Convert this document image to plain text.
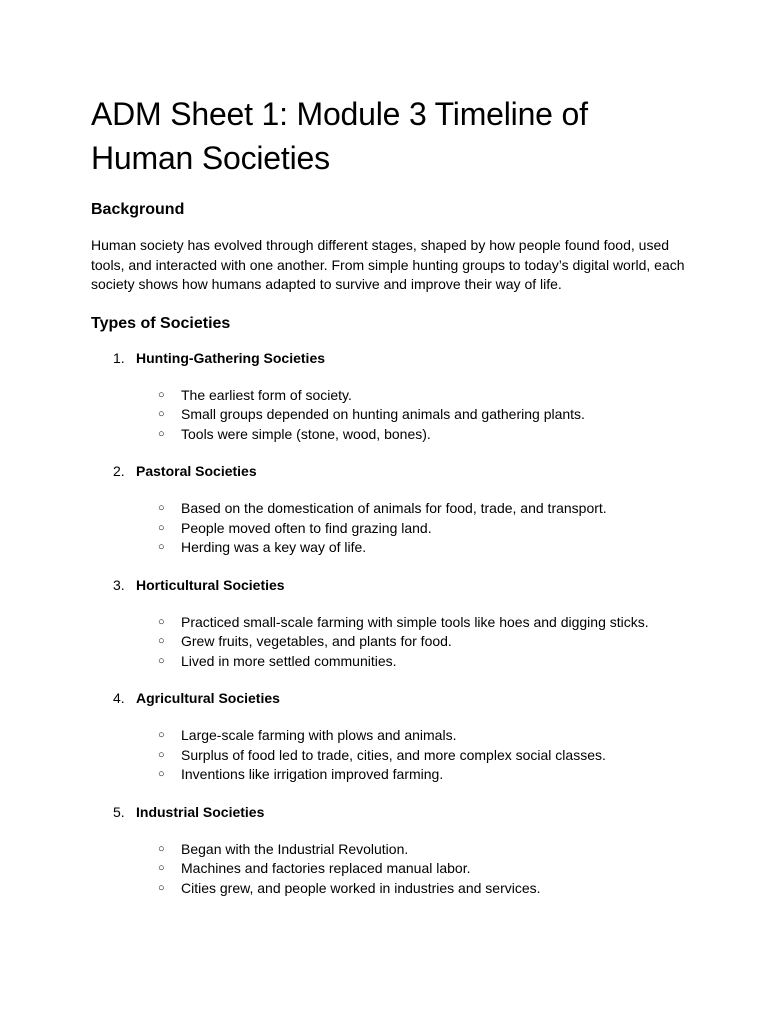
ADM Sheet 1: Module 3 Timeline of Human Societies
Background

Human society has evolved through different stages, shaped by how people found food, used tools, and interacted with one another. From simple hunting groups to today’s digital world, each society shows how humans adapted to survive and improve their way of life.

Types of Societies
1. Hunting-Gathering Societies
○ The earliest form of society.
○ Small groups depended on hunting animals and gathering plants.
○ Tools were simple (stone, wood, bones).
2. Pastoral Societies
○ Based on the domestication of animals for food, trade, and transport.
○ People moved often to find grazing land.
○ Herding was a key way of life.
3. Horticultural Societies
○ Practiced small-scale farming with simple tools like hoes and digging sticks.
○ Grew fruits, vegetables, and plants for food.
○ Lived in more settled communities.
4. Agricultural Societies
○ Large-scale farming with plows and animals.
○ Surplus of food led to trade, cities, and more complex social classes.
○ Inventions like irrigation improved farming.
5. Industrial Societies
○ Began with the Industrial Revolution.
○ Machines and factories replaced manual labor.
○ Cities grew, and people worked in industries and services.
